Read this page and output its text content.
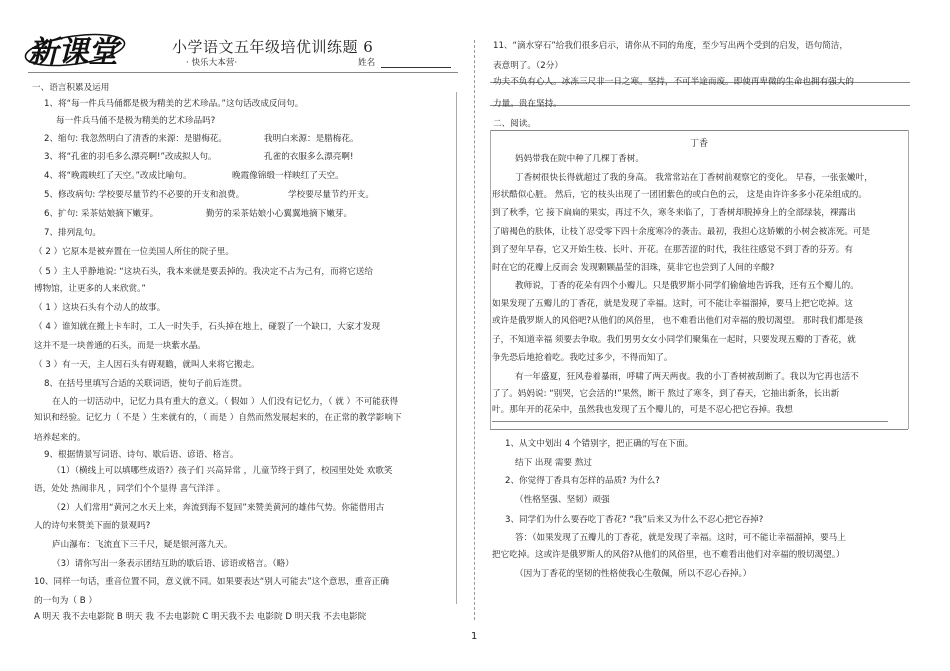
新课堂	小学语文五年级培优训练题 6
· 快乐大本营·	姓名
一、语言积累及运用
1、将“每一件兵马俑都是极为精美的艺术珍品。”这句话改成反问句。
每一件兵马俑不是极为精美的艺术珍品吗?
2、缩句: 我忽然明白了清香的来源：是腊梅花。	我明白来源：是腊梅花。
3、将“孔雀的羽毛多么漂亮啊!”改成拟人句。	孔雀的衣服多么漂亮啊!
4、将“晚霞映红了天空。”改成比喻句。	晚霞像锦缎一样映红了天空。
5、修改病句: 学校要尽量节约不必要的开支和浪费。	学校要尽量节约开支。
6、扩句: 采茶姑娘摘下嫩芽。	勤劳的采茶姑娘小心翼翼地摘下嫩芽。
7、排列乱句。
（ 2 ）它原本是被弃置在一位美国人所住的院子里。
（ 5 ）主人乎静地说: “这块石头，我本来就是要丢掉的。我决定不占为己有，而将它送给
博物馆，让更多的人来欣赏。”
（ 1 ）这块石头有个动人的故事。
（ 4 ）谁知就在搬上卡车时，工人一时失手，石头掉在地上，碰裂了一个缺口，大家才发现
这并不是一块普通的石头，而是一块紫水晶。
（ 3 ）有一天，主人因石头有碍观瞻，就叫人来将它搬走。
8、在括号里填写合适的关联词语，使句子前后连贯。
在人的一切活动中，记忆力具有重大的意义。（ 假如 ）人们没有记忆力，（ 就 ）不可能获得
知识和经验。记忆力（ 不是 ）生来就有的，（ 而是 ）自然而然发展起来的，在正常的教学影响下
培养起来的。
9、根据情景写词语、诗句、歇后语、谚语、格言。
（1）（横线上可以填哪些成语?）孩子们 兴高异常 ，儿童节终于到了，校园里处处 欢歌笑
语，处处 热闹非凡 ，同学们个个显得 喜气洋洋 。
（2）人们常用“黄河之水天上来，奔流到海不复回”来赞美黄河的雄伟气势。你能借用古
人的诗句来赞美下面的景观吗?
庐山瀑布：飞流直下三千尺，疑是银河落九天。
（3）请你写出一条表示团结互助的歇后语、谚语或格言。（略）
10、同样一句话，重音位置不同，意义就不同。如果要表达“别人可能去”这个意思，重音正确
的一句为（ B ）
A 明天 我不去电影院 B 明天 我 不去电影院 C 明天我不去 电影院 D 明天我 不去电影院
11、“滴水穿石”给我们很多启示，请你从不同的角度，至少写出两个受到的启发，语句简洁，
表意明了。（2分）
功夫不负有心人。冰冻三尺非一日之寒。坚持，不可半途而废。即使再卑微的生命也拥有强大的
力量。贵在坚持。
二、阅读。
丁香
妈妈带我在院中种了几棵丁香树。
丁香树很快长得就超过了我的身高。 我常常站在丁香树前观察它的变化。 早春，一张张嫩叶，
形状酷似心脏。 然后，它的枝头出现了一团团紫色的或白色的云， 这是由许许多多小花朵组成的。
到了秋季，它 接下扁扁的果实，再过不久，寒冬来临了，丁香树却脱掉身上的全部绿装，裸露出
了暗褐色的肤体，让枝丫忍受零下四十余度寒冷的袭击。最初，我担心这娇嫩的小树会被冻死。可是
到了翌年早春，它又开始生枝、长叶、开花。在那苦涩的时代，我往往感觉不到丁香的芬芳。有
时在它的花瓣上反而会 发现颗颗晶莹的泪珠，莫非它也尝到了人间的辛酸?
教师说，丁香的花朵有四个小瓣儿。只是俄罗斯小同学们偷偷地告诉我，还有五个瓣儿的。
如果发现了五瓣儿的丁香花，就是发现了幸福。这时，可不能让幸福溜掉，要马上把它吃掉。这
或许是俄罗斯人的风俗吧?从他们的风俗里， 也不难看出他们对幸福的殷切渴望。 那时我们都是孩
子，不知道幸福 须要去争取。我们男男女女小同学们聚集在一起时，只要发现五瓣的丁香花，就
争先恐后地抢着吃。我吃过多少，不得而知了。
有一年盛夏，狂风卷着暴雨，呼啸了两天两夜。我的小丁香树被刮断了。我以为它再也活不
了了。妈妈说: “别哭，它会活的!”果然，断干 熬过了寒冬，到了春天，它抽出新条，长出新
叶。那年开的花朵中，虽然我也发现了五个瓣儿的，可是不忍心把它吞掉。我想
1、从文中划出 4 个错别字，把正确的写在下面。
结下 出现 需要 熬过
2、你觉得丁香具有怎样的品质? 为什么?
（性格坚强、坚韧）顽强
3、同学们为什么要吞吃丁香花? “我”后来又为什么不忍心把它吞掉?
答：（如果发现了五瓣儿的丁香花，就是发现了幸福。这时，可不能让幸福溜掉，要马上
把它吃掉。这或许是俄罗斯人的风俗?从他们的风俗里，也不难看出他们对幸福的殷切渴望。）
（因为丁香花的坚韧的性格使我心生敬佩，所以不忍心吞掉。）
1
